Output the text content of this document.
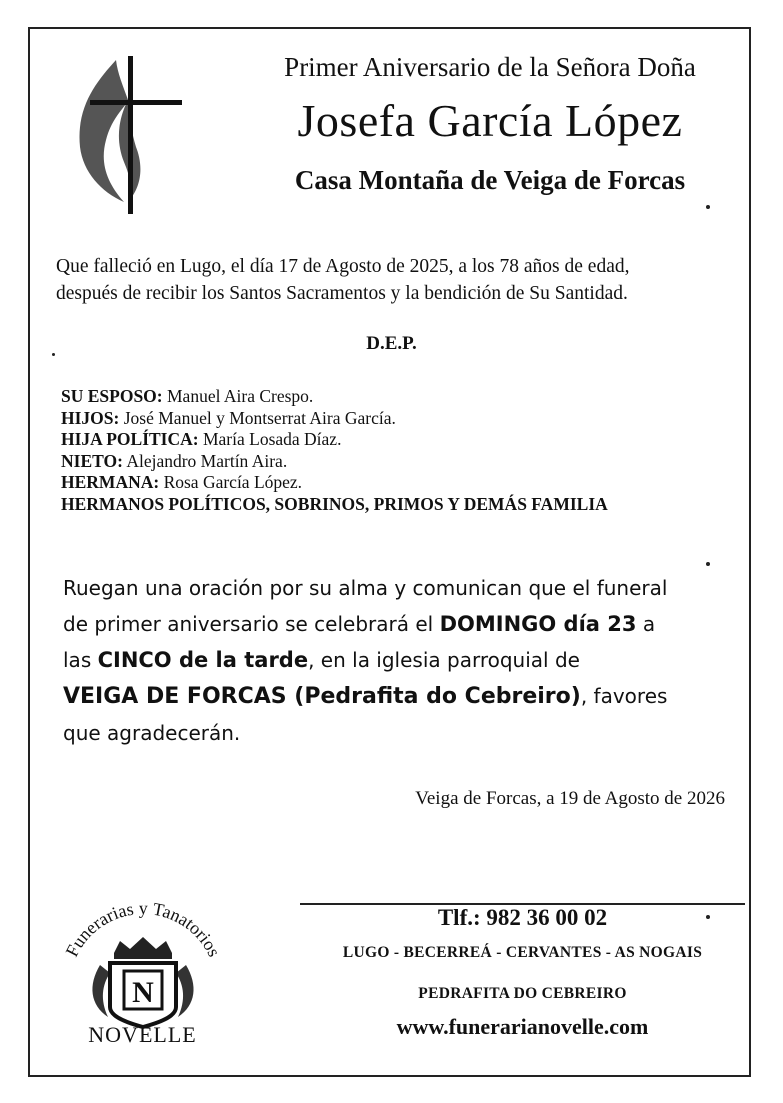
Primer Aniversario de la Señora Doña
Josefa García López
Casa Montaña de Veiga de Forcas
Que falleció en Lugo, el día 17 de Agosto de 2025, a los 78 años de edad,
después de recibir los Santos Sacramentos y la bendición de Su Santidad.
D.E.P.
SU ESPOSO: Manuel Aira Crespo.
HIJOS: José Manuel y Montserrat Aira García.
HIJA POLÍTICA: María Losada Díaz.
NIETO: Alejandro Martín Aira.
HERMANA: Rosa García López.
HERMANOS POLÍTICOS, SOBRINOS, PRIMOS Y DEMÁS FAMILIA
Ruegan una oración por su alma y comunican que el funeral
de primer aniversario se celebrará el DOMINGO día 23 a
las CINCO de la tarde, en la iglesia parroquial de
VEIGA DE FORCAS (Pedrafita do Cebreiro), favores
que agradecerán.
Veiga de Forcas, a 19 de Agosto de 2026
Funerarias y Tanatorios
N
NOVELLE
Tlf.: 982 36 00 02
LUGO - BECERREÁ - CERVANTES - AS NOGAIS
PEDRAFITA DO CEBREIRO
www.funerarianovelle.com
